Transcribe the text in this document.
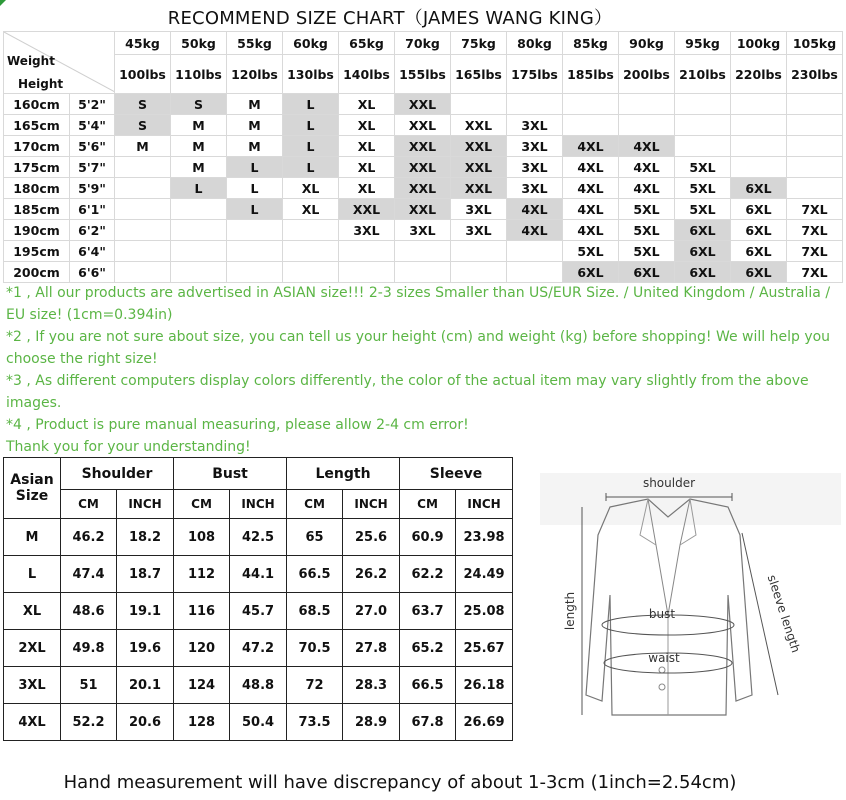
RECOMMEND SIZE CHART（JAMES WANG KING）
Weight
Height		45kg	50kg	55kg	60kg	65kg	70kg	75kg	80kg	85kg	90kg	95kg	100kg	105kg
		100lbs	110lbs	120lbs	130lbs	140lbs	155lbs	165lbs	175lbs	185lbs	200lbs	210lbs	220lbs	230lbs
160cm	5'2"	S	S	M	L	XL	XXL							
165cm	5'4"	S	M	M	L	XL	XXL	XXL	3XL					
170cm	5'6"	M	M	M	L	XL	XXL	XXL	3XL	4XL	4XL			
175cm	5'7"		M	L	L	XL	XXL	XXL	3XL	4XL	4XL	5XL		
180cm	5'9"		L	L	XL	XL	XXL	XXL	3XL	4XL	4XL	5XL	6XL	
185cm	6'1"			L	XL	XXL	XXL	3XL	4XL	4XL	5XL	5XL	6XL	7XL
190cm	6'2"					3XL	3XL	3XL	4XL	4XL	5XL	6XL	6XL	7XL
195cm	6'4"									5XL	5XL	6XL	6XL	7XL
200cm	6'6"									6XL	6XL	6XL	6XL	7XL

*1 , All our products are advertised in ASIAN size!!! 2-3 sizes Smaller than US/EUR Size. / United Kingdom / Australia / EU size! (1cm=0.394in)

*2 , If you are not sure about size, you can tell us your height (cm) and weight (kg) before shopping! We will help you choose the right size!

*3 , As different computers display colors differently, the color of the actual item may vary slightly from the above images.

*4 , Product is pure manual measuring, please allow 2-4 cm error!

Thank you for your understanding!

Asian
Size	Shoulder		Bust		Length		Sleeve	
	CM	INCH	CM	INCH	CM	INCH	CM	INCH
M	46.2	18.2	108	42.5	65	25.6	60.9	23.98
L	47.4	18.7	112	44.1	66.5	26.2	62.2	24.49
XL	48.6	19.1	116	45.7	68.5	27.0	63.7	25.08
2XL	49.8	19.6	120	47.2	70.5	27.8	65.2	25.67
3XL	51	20.1	124	48.8	72	28.3	66.5	26.18
4XL	52.2	20.6	128	50.4	73.5	28.9	67.8	26.69
shoulder
length	bust
waist
sleeve length
Hand measurement will have discrepancy of about 1-3cm (1inch=2.54cm)
